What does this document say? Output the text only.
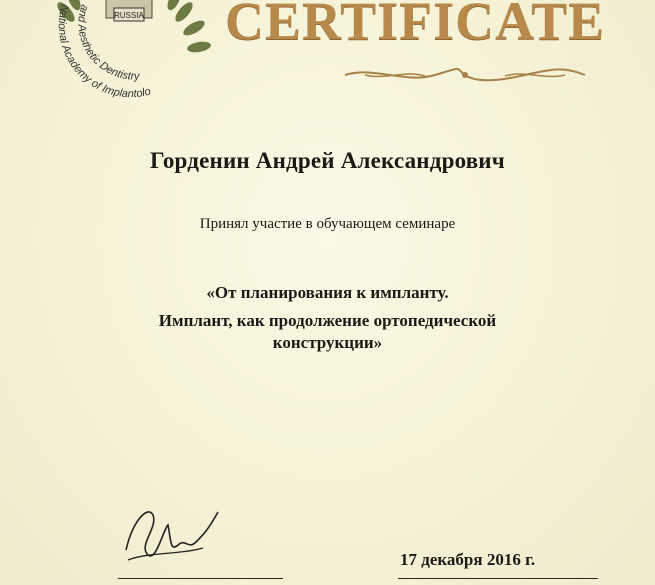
RUSSIA
National Academy of Implantolo
and Aesthetic Dentistry
CERTIFICATE
Горденин Андрей Александрович
Принял участие в обучающем семинаре
«От планирования к импланту.
Имплант, как продолжение ортопедической
конструкции»
17 декабря 2016 г.
